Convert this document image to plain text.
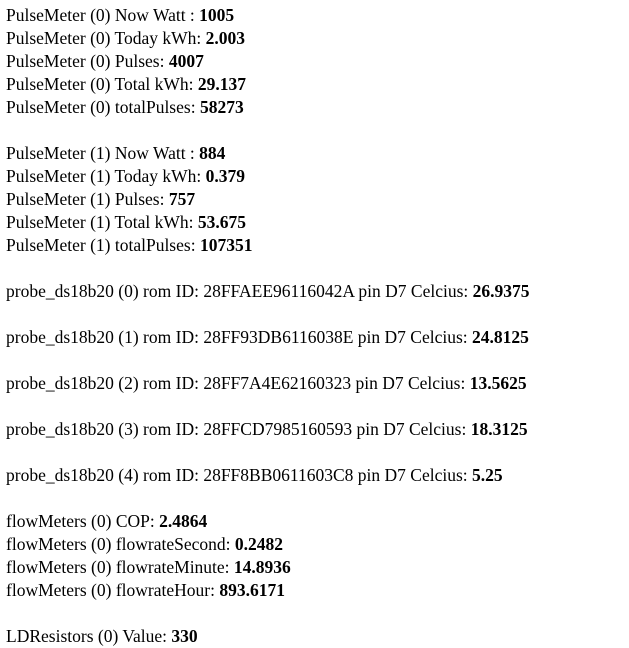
PulseMeter (0) Now Watt : 1005
PulseMeter (0) Today kWh: 2.003
PulseMeter (0) Pulses: 4007
PulseMeter (0) Total kWh: 29.137
PulseMeter (0) totalPulses: 58273
PulseMeter (1) Now Watt : 884
PulseMeter (1) Today kWh: 0.379
PulseMeter (1) Pulses: 757
PulseMeter (1) Total kWh: 53.675
PulseMeter (1) totalPulses: 107351
probe_ds18b20 (0) rom ID: 28FFAEE96116042A pin D7 Celcius: 26.9375
probe_ds18b20 (1) rom ID: 28FF93DB6116038E pin D7 Celcius: 24.8125
probe_ds18b20 (2) rom ID: 28FF7A4E62160323 pin D7 Celcius: 13.5625
probe_ds18b20 (3) rom ID: 28FFCD7985160593 pin D7 Celcius: 18.3125
probe_ds18b20 (4) rom ID: 28FF8BB0611603C8 pin D7 Celcius: 5.25
flowMeters (0) COP: 2.4864
flowMeters (0) flowrateSecond: 0.2482
flowMeters (0) flowrateMinute: 14.8936
flowMeters (0) flowrateHour: 893.6171
LDResistors (0) Value: 330
